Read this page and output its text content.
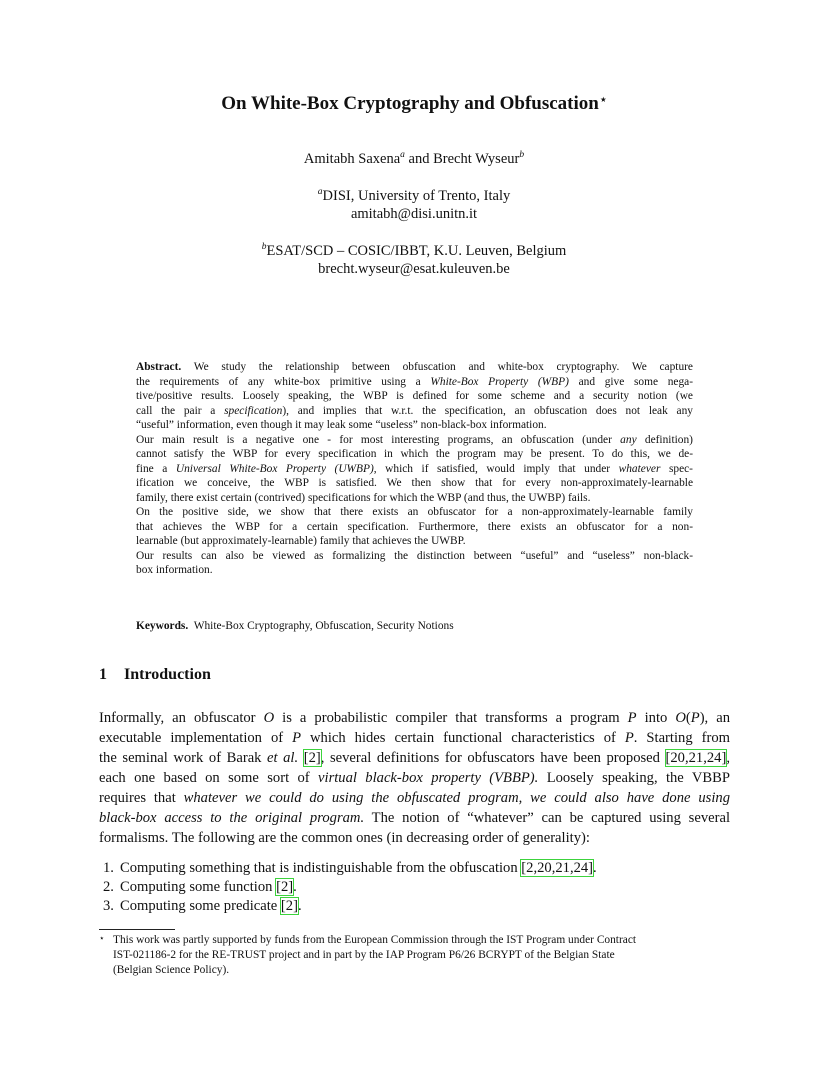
On White-Box Cryptography and Obfuscation⋆
Amitabh Saxena$^a$ and Brecht Wyseur$^b$
$^a$DISI, University of Trento, Italy
amitabh@disi.unitn.it
$^b$ESAT/SCD – COSIC/IBBT, K.U. Leuven, Belgium
brecht.wyseur@esat.kuleuven.be
Abstract. We study the relationship between obfuscation and white-box cryptography. We capture
the requirements of any white-box primitive using a White-Box Property (WBP) and give some nega-
tive/positive results. Loosely speaking, the WBP is defined for some scheme and a security notion (we
call the pair a specification), and implies that w.r.t. the specification, an obfuscation does not leak any
“useful” information, even though it may leak some “useless” non-black-box information.
Our main result is a negative one - for most interesting programs, an obfuscation (under any definition)
cannot satisfy the WBP for every specification in which the program may be present. To do this, we de-
fine a Universal White-Box Property (UWBP), which if satisfied, would imply that under whatever spec-
ification we conceive, the WBP is satisfied. We then show that for every non-approximately-learnable
family, there exist certain (contrived) specifications for which the WBP (and thus, the UWBP) fails.
On the positive side, we show that there exists an obfuscator for a non-approximately-learnable family
that achieves the WBP for a certain specification. Furthermore, there exists an obfuscator for a non-
learnable (but approximately-learnable) family that achieves the UWBP.
Our results can also be viewed as formalizing the distinction between “useful” and “useless” non-black-
box information.
Keywords. White-Box Cryptography, Obfuscation, Security Notions
1 Introduction
Informally, an obfuscator O is a probabilistic compiler that transforms a program P into O(P), an
executable implementation of P which hides certain functional characteristics of P. Starting from
the seminal work of Barak et al. [2], several definitions for obfuscators have been proposed [20,21,24],
each one based on some sort of virtual black-box property (VBBP). Loosely speaking, the VBBP
requires that whatever we could do using the obfuscated program, we could also have done using
black-box access to the original program. The notion of “whatever” can be captured using several
formalisms. The following are the common ones (in decreasing order of generality):
1. Computing something that is indistinguishable from the obfuscation [2,20,21,24].
2. Computing some function [2].
3. Computing some predicate [2].
⋆ This work was partly supported by funds from the European Commission through the IST Program under Contract
IST-021186-2 for the RE-TRUST project and in part by the IAP Program P6/26 BCRYPT of the Belgian State
(Belgian Science Policy).
